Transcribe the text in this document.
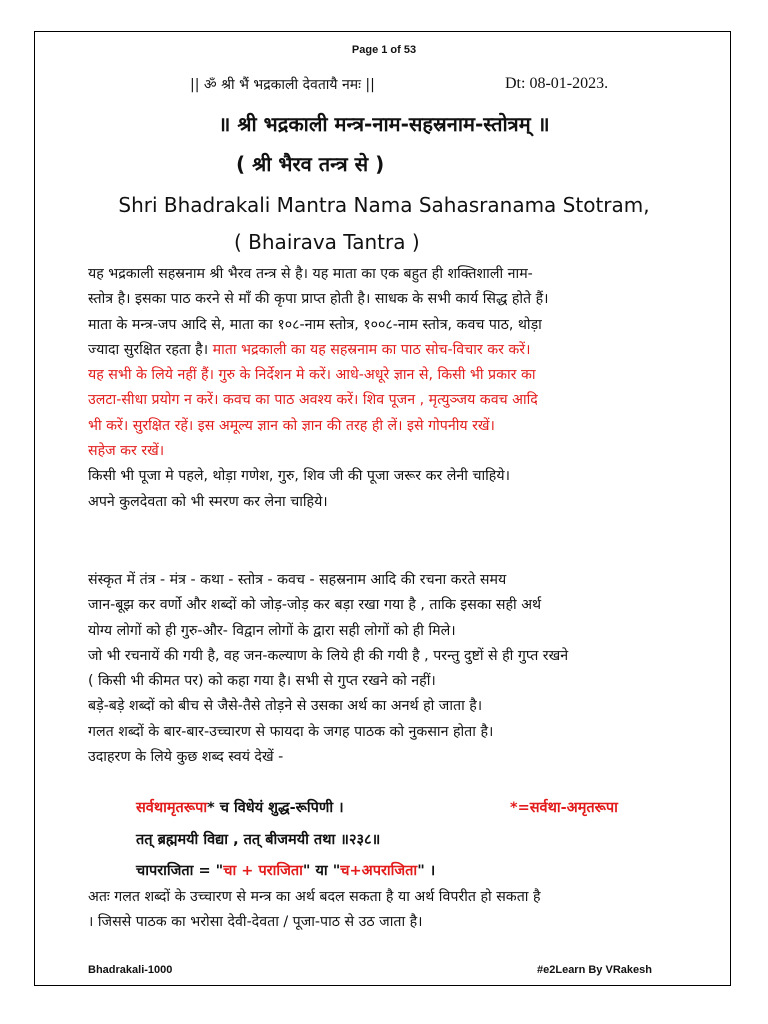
Page 1 of 53
|| ॐ श्री भैं भद्रकाली देवतायै नमः ||	Dt: 08-01-2023.
॥ श्री भद्रकाली मन्त्र-नाम-सहस्रनाम-स्तोत्रम् ॥
( श्री भैरव तन्त्र से )
Shri Bhadrakali Mantra Nama Sahasranama Stotram,
( Bhairava Tantra )
यह भद्रकाली सहस्रनाम श्री भैरव तन्त्र से है। यह माता का एक बहुत ही शक्तिशाली नाम-
स्तोत्र है। इसका पाठ करने से माँ की कृपा प्राप्त होती है। साधक के सभी कार्य सिद्ध होते हैं।
माता के मन्त्र-जप आदि से, माता का १०८-नाम स्तोत्र, १००८-नाम स्तोत्र, कवच पाठ, थोड़ा
ज्यादा सुरक्षित रहता है। माता भद्रकाली का यह सहस्रनाम का पाठ सोच-विचार कर करें।
यह सभी के लिये नहीं हैं। गुरु के निर्देशन मे करें। आधे-अधूरे ज्ञान से, किसी भी प्रकार का
उलटा-सीधा प्रयोग न करें। कवच का पाठ अवश्य करें। शिव पूजन , मृत्युञ्जय कवच आदि
भी करें। सुरक्षित रहें। इस अमूल्य ज्ञान को ज्ञान की तरह ही लें। इसे गोपनीय रखें।
सहेज कर रखें।
किसी भी पूजा मे पहले, थोड़ा गणेश, गुरु, शिव जी की पूजा जरूर कर लेनी चाहिये।
अपने कुलदेवता को भी स्मरण कर लेना चाहिये।
संस्कृत में तंत्र - मंत्र - कथा - स्तोत्र - कवच - सहस्रनाम आदि की रचना करते समय
जान-बूझ कर वर्णो और शब्दों को जोड़-जोड़ कर बड़ा रखा गया है , ताकि इसका सही अर्थ
योग्य लोगों को ही गुरु-और- विद्वान लोगों के द्वारा सही लोगों को ही मिले।
जो भी रचनायें की गयी है, वह जन-कल्याण के लिये ही की गयी है , परन्तु दुष्टों से ही गुप्त रखने
( किसी भी कीमत पर) को कहा गया है। सभी से गुप्त रखने को नहीं।
बड़े-बड़े शब्दों को बीच से जैसे-तैसे तोड़ने से उसका अर्थ का अनर्थ हो जाता है।
गलत शब्दों के बार-बार-उच्चारण से फायदा के जगह पाठक को नुकसान होता है।
उदाहरण के लिये कुछ शब्द स्वयं देखें -
सर्वथामृतरूपा* च विधेयं शुद्ध-रूपिणी ।	*=सर्वथा-अमृतरूपा
तत् ब्रह्ममयी विद्या , तत् बीजमयी तथा ॥२३८॥
चापराजिता = "चा + पराजिता" या "च+अपराजिता" ।
अतः गलत शब्दों के उच्चारण से मन्त्र का अर्थ बदल सकता है या अर्थ विपरीत हो सकता है
। जिससे पाठक का भरोसा देवी-देवता / पूजा-पाठ से उठ जाता है।
Bhadrakali-1000	#e2Learn By VRakesh
